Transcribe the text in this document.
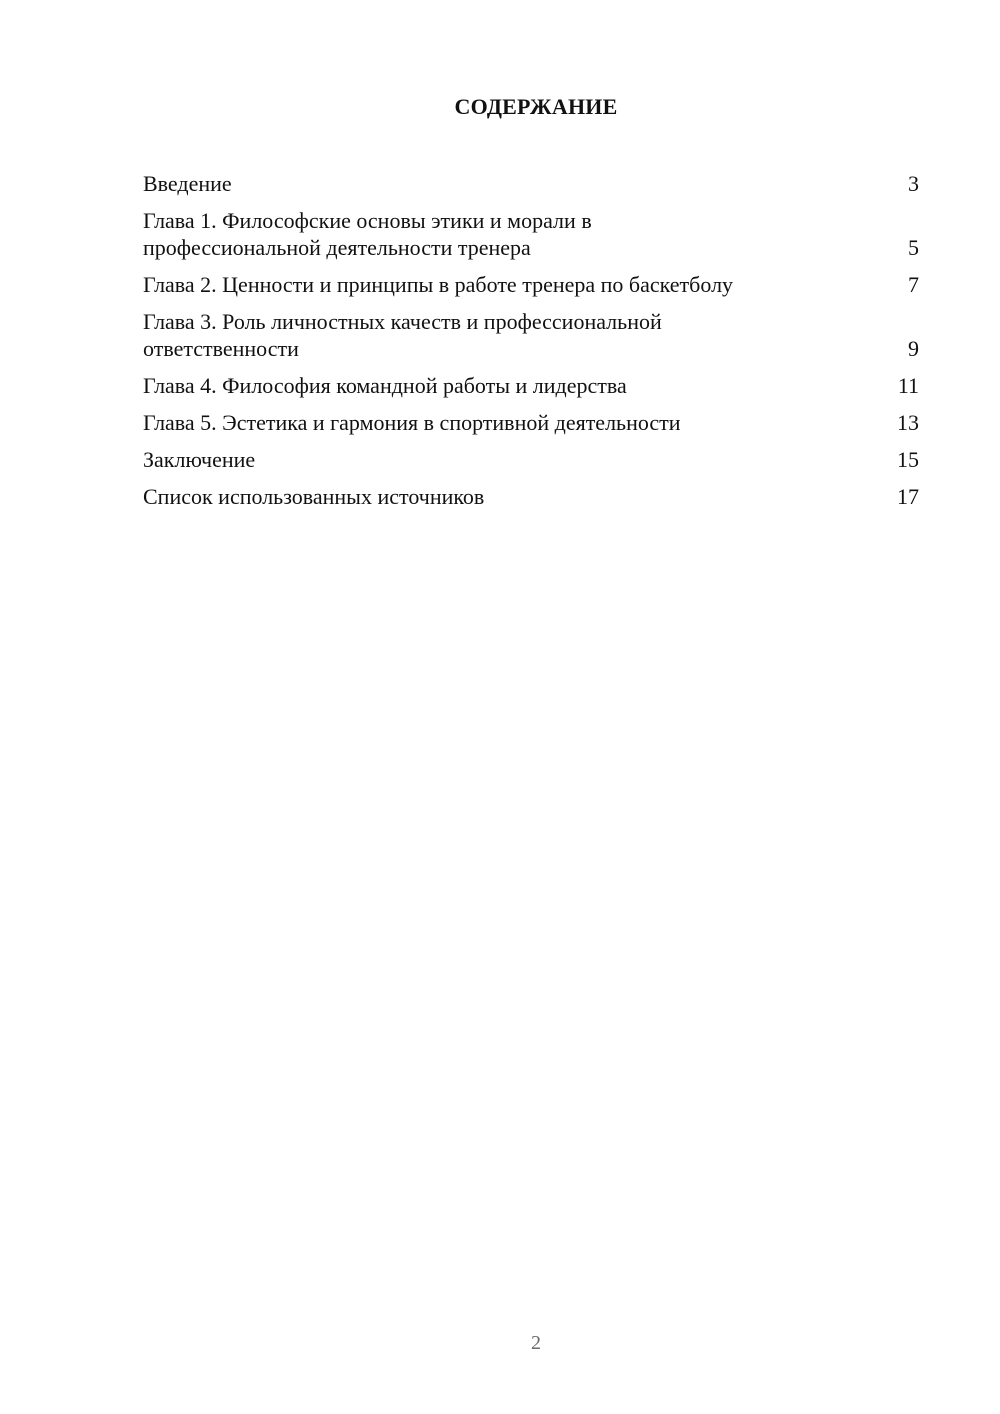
СОДЕРЖАНИЕ
Введение	3
Глава 1. Философские основы этики и морали в
профессиональной деятельности тренера	5
Глава 2. Ценности и принципы в работе тренера по баскетболу	7
Глава 3. Роль личностных качеств и профессиональной
ответственности	9
Глава 4. Философия командной работы и лидерства	11
Глава 5. Эстетика и гармония в спортивной деятельности	13
Заключение	15
Список использованных источников	17
2
